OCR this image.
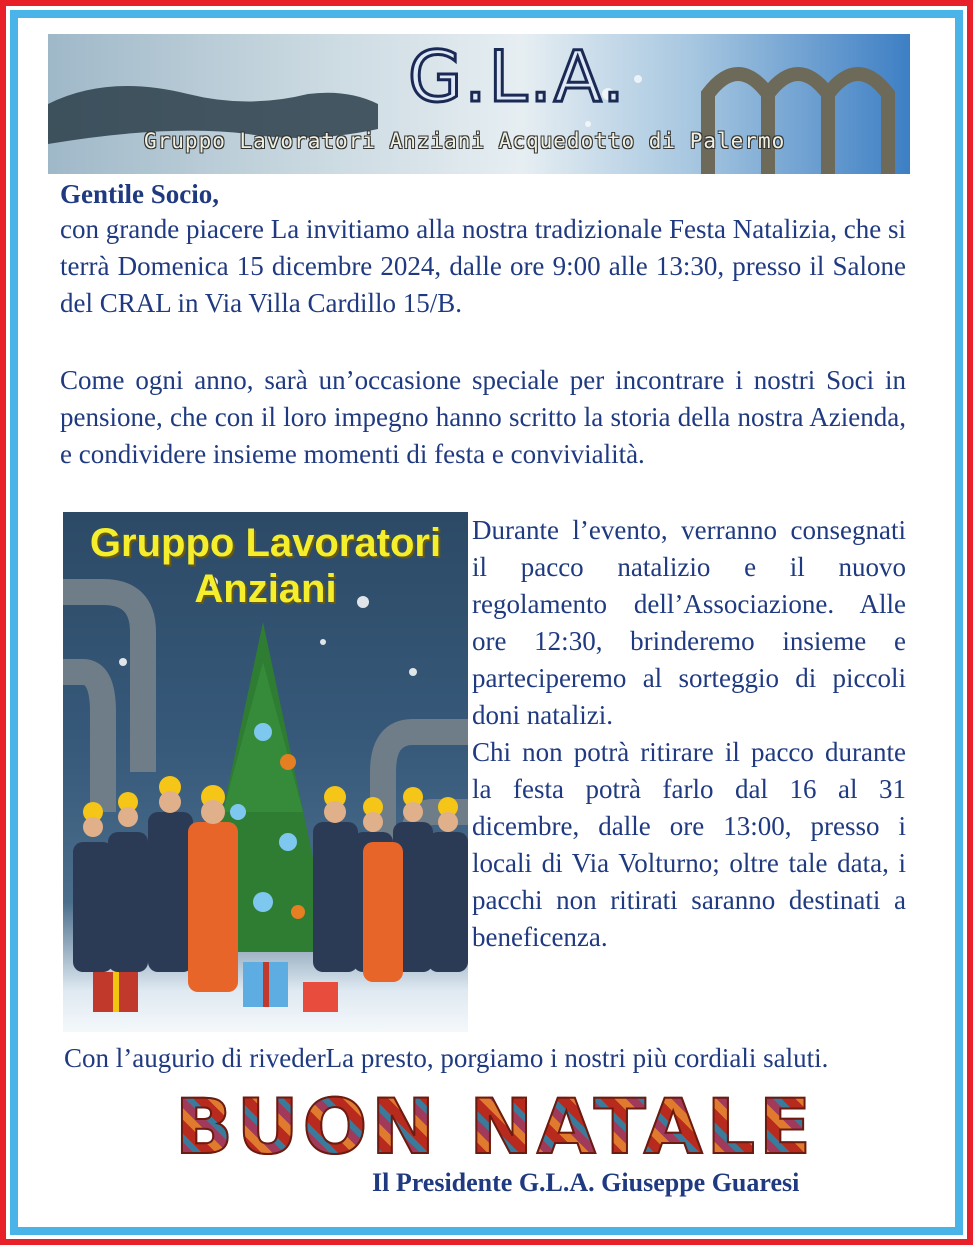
G.L.A.
Gruppo Lavoratori Anziani Acquedotto di Palermo
Gentile Socio,
con grande piacere La invitiamo alla nostra tradizionale Festa Natalizia, che si terrà Domenica 15 dicembre 2024, dalle ore 9:00 alle 13:30, presso il Salone del CRAL in Via Villa Cardillo 15/B.
Come ogni anno, sarà un’occasione speciale per incontrare i nostri Soci in pensione, che con il loro impegno hanno scritto la storia della nostra Azienda, e condividere insieme momenti di festa e convivialità.
Gruppo Lavoratori
Anziani

Durante l’evento, verranno consegnati il pacco natalizio e il nuovo regolamento dell’Associazione. Alle ore 12:30, brinderemo insieme e parteciperemo al sorteggio di piccoli doni natalizi.

Chi non potrà ritirare il pacco durante la festa potrà farlo dal 16 al 31 dicembre, dalle ore 13:00, presso i locali di Via Volturno; oltre tale data, i pacchi non ritirati saranno destinati a beneficenza.

Con l’augurio di rivederLa presto, porgiamo i nostri più cordiali saluti.
BUON NATALE
Il Presidente G.L.A. Giuseppe Guaresi
